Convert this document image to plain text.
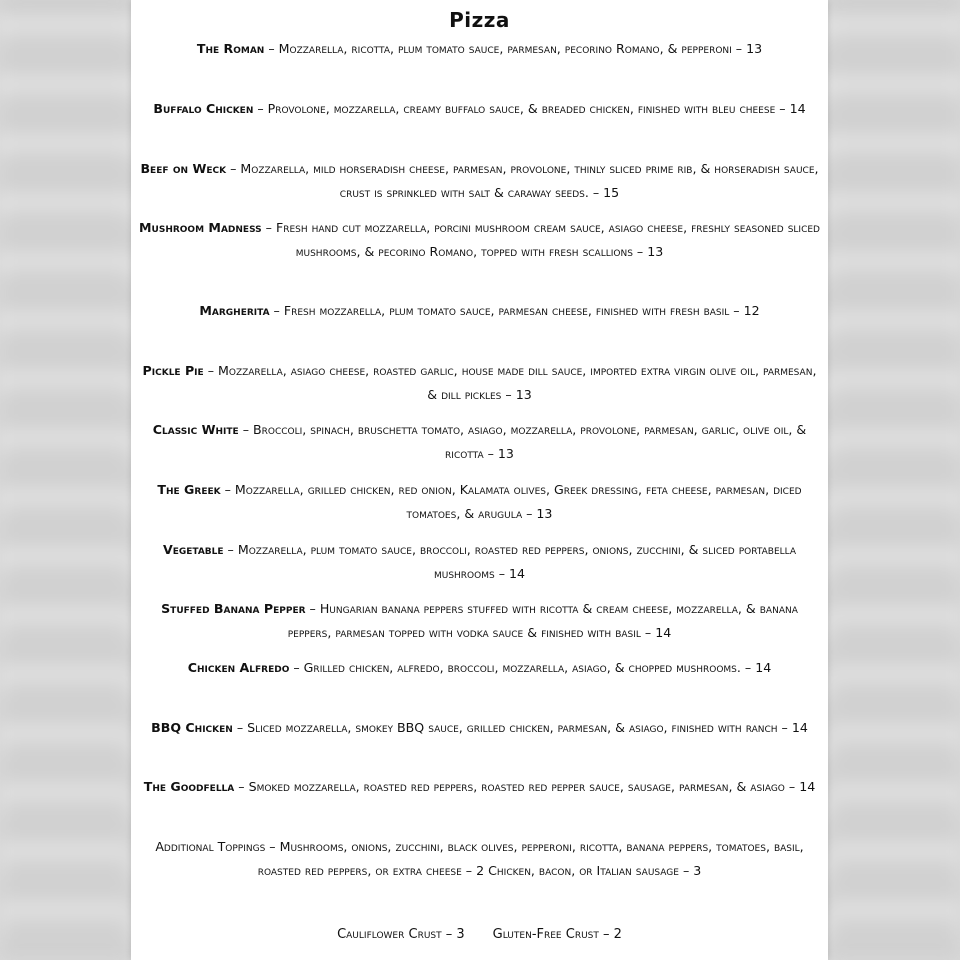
Pizza
The Roman – Mozzarella, ricotta, plum tomato sauce, parmesan, pecorino Romano, & pepperoni – 13
Buffalo Chicken – Provolone, mozzarella, creamy buffalo sauce, & breaded chicken, finished with bleu cheese – 14
Beef on Weck – Mozzarella, mild horseradish cheese, parmesan, provolone, thinly sliced prime rib, & horseradish sauce, crust is sprinkled with salt & caraway seeds. – 15
Mushroom Madness – Fresh hand cut mozzarella, porcini mushroom cream sauce, asiago cheese, freshly seasoned sliced mushrooms, & pecorino Romano, topped with fresh scallions – 13
Margherita – Fresh mozzarella, plum tomato sauce, parmesan cheese, finished with fresh basil – 12
Pickle Pie – Mozzarella, asiago cheese, roasted garlic, house made dill sauce, imported extra virgin olive oil, parmesan, & dill pickles – 13
Classic White – Broccoli, spinach, bruschetta tomato, asiago, mozzarella, provolone, parmesan, garlic, olive oil, & ricotta – 13
The Greek – Mozzarella, grilled chicken, red onion, Kalamata olives, Greek dressing, feta cheese, parmesan, diced tomatoes, & arugula – 13
Vegetable – Mozzarella, plum tomato sauce, broccoli, roasted red peppers, onions, zucchini, & sliced portabella mushrooms – 14
Stuffed Banana Pepper – Hungarian banana peppers stuffed with ricotta & cream cheese, mozzarella, & banana peppers, parmesan topped with vodka sauce & finished with basil – 14
Chicken Alfredo – Grilled chicken, alfredo, broccoli, mozzarella, asiago, & chopped mushrooms. – 14
BBQ Chicken – Sliced mozzarella, smokey BBQ sauce, grilled chicken, parmesan, & asiago, finished with ranch – 14
The Goodfella – Smoked mozzarella, roasted red peppers, roasted red pepper sauce, sausage, parmesan, & asiago – 14
Additional Toppings – Mushrooms, onions, zucchini, black olives, pepperoni, ricotta, banana peppers, tomatoes, basil, roasted red peppers, or extra cheese – 2 Chicken, bacon, or Italian sausage – 3
Cauliflower Crust – 3 Gluten-Free Crust – 2
